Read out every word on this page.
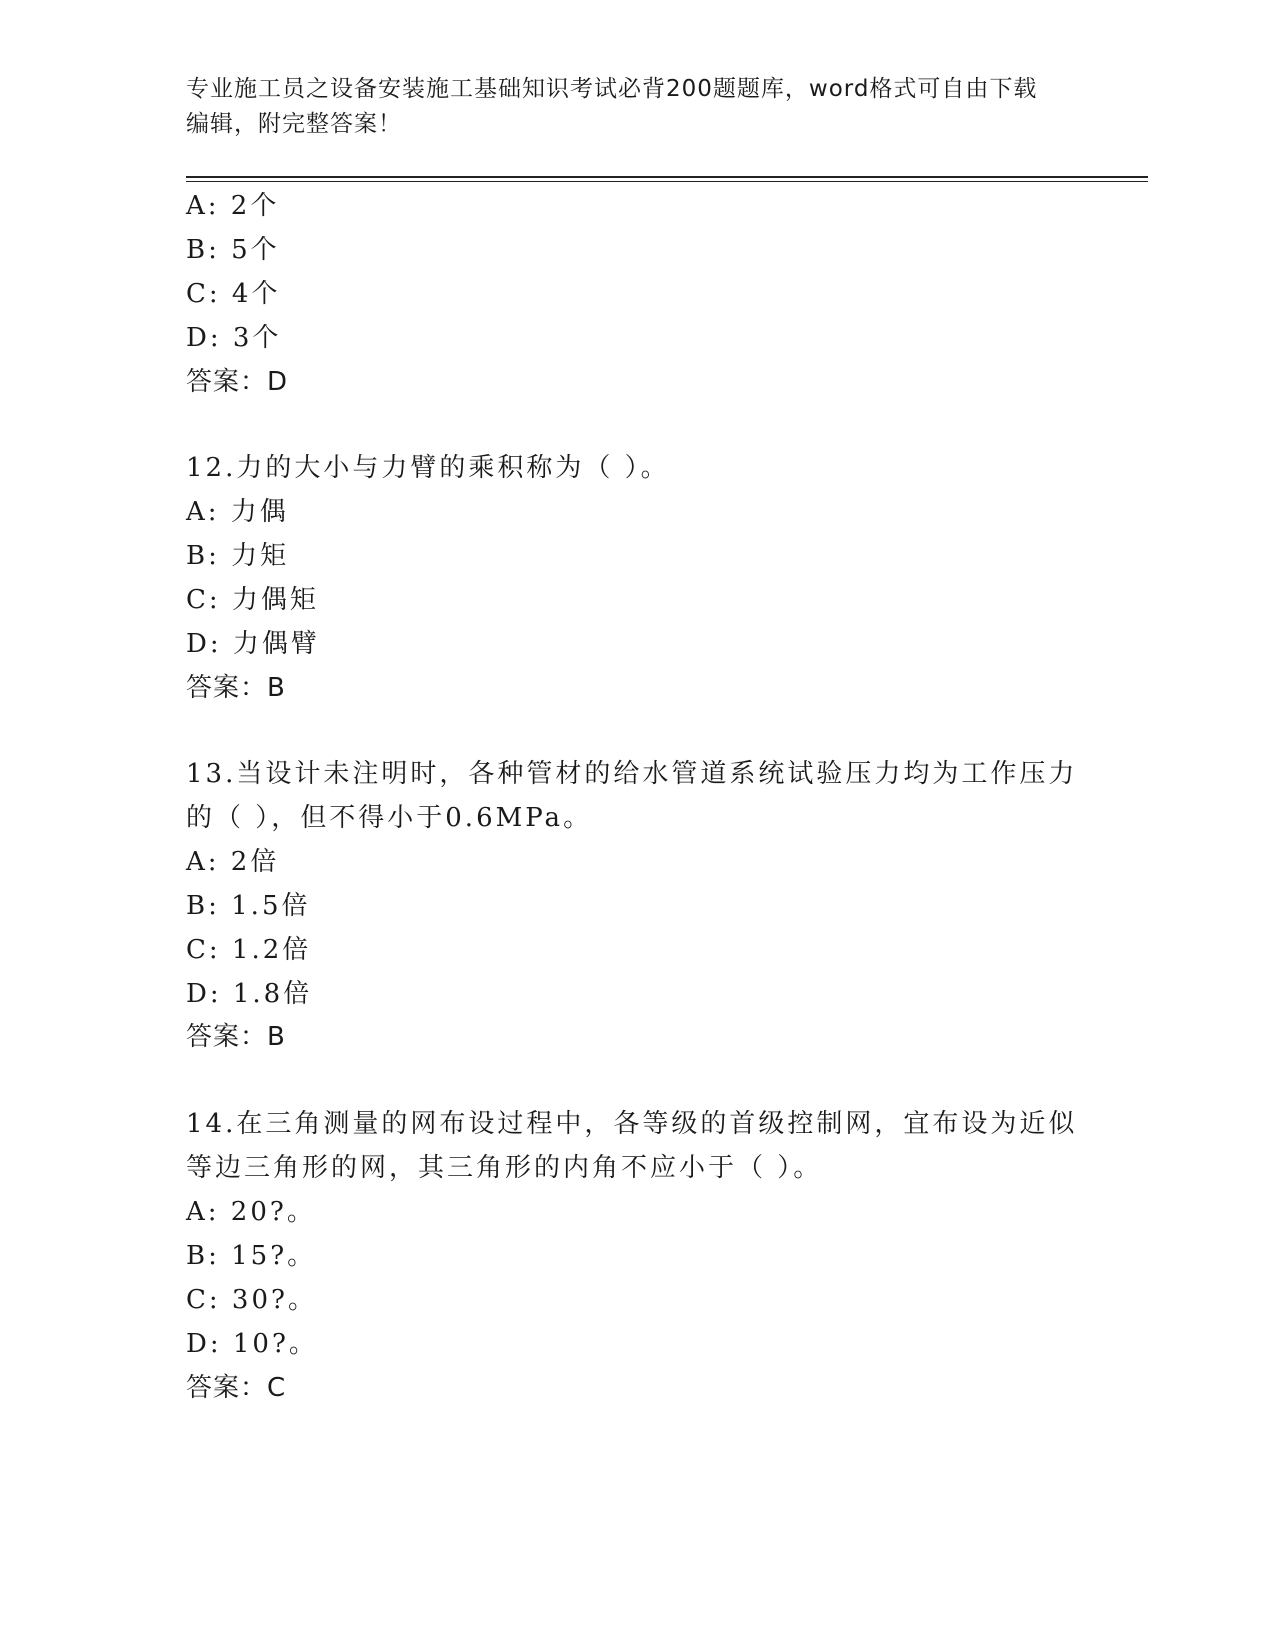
专业施工员之设备安装施工基础知识考试必背200题题库，word格式可自由下载
编辑，附完整答案！
A: 2个
B: 5个
C: 4个
D: 3个
答案：D
12.力的大小与力臂的乘积称为（ ）。
A: 力偶
B: 力矩
C: 力偶矩
D: 力偶臂
答案：B
13.当设计未注明时，各种管材的给水管道系统试验压力均为工作压力
的（ ），但不得小于0.6MPa。
A: 2倍
B: 1.5倍
C: 1.2倍
D: 1.8倍
答案：B
14.在三角测量的网布设过程中，各等级的首级控制网，宜布设为近似
等边三角形的网，其三角形的内角不应小于（ ）。
A: 20?。
B: 15?。
C: 30?。
D: 10?。
答案：C
